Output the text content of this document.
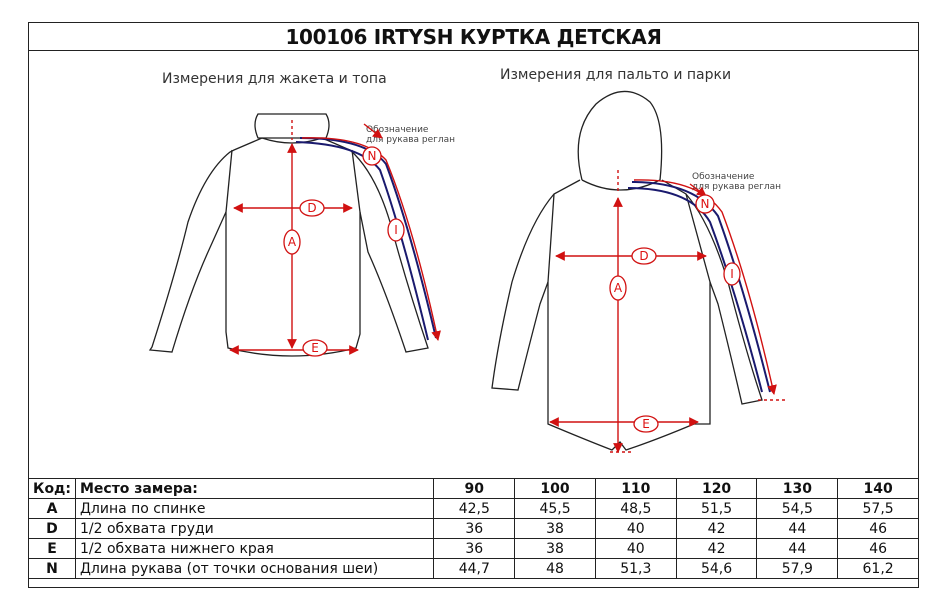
100106 IRTYSH КУРТКА ДЕТСКАЯ
Измерения для жакета и топа	Измерения для пальто и парки
Обозначение
для рукава реглан
Обозначение
для рукава реглан
D
A
E
N
I
D
A
E
N
I
Код:	Место замера:	90	100	110	120	130	140
A	Длина по спинке	42,5	45,5	48,5	51,5	54,5	57,5
D	1/2 обхвата груди	36	38	40	42	44	46
E	1/2 обхвата нижнего края	36	38	40	42	44	46
N	Длина рукава (от точки основания шеи)	44,7	48	51,3	54,6	57,9	61,2
